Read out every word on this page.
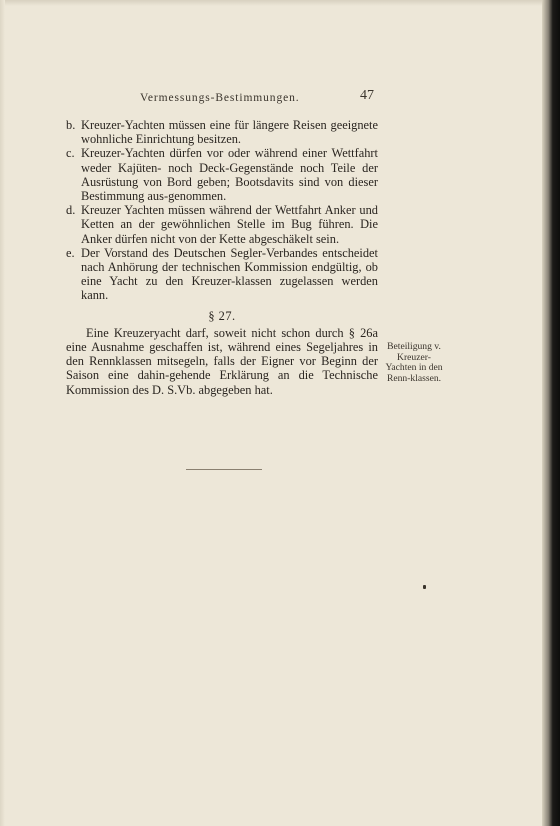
Vermessungs-Bestimmungen.	47

b. Kreuzer-Yachten müssen eine für längere Reisen geeignete wohnliche Einrichtung besitzen.

c. Kreuzer-Yachten dürfen vor oder während einer Wettfahrt weder Kajüten- noch Deck-Gegenstände noch Teile der Ausrüstung von Bord geben; Bootsdavits sind von dieser Bestimmung aus-genommen.

d. Kreuzer Yachten müssen während der Wettfahrt Anker und Ketten an der gewöhnlichen Stelle im Bug führen. Die Anker dürfen nicht von der Kette abgeschäkelt sein.

e. Der Vorstand des Deutschen Segler-Verbandes entscheidet nach Anhörung der technischen Kommission endgültig, ob eine Yacht zu den Kreuzer-klassen zugelassen werden kann.

§ 27.

Eine Kreuzeryacht darf, soweit nicht schon durch § 26a eine Ausnahme geschaffen ist, während eines Segeljahres in den Rennklassen mitsegeln, falls der Eigner vor Beginn der Saison eine dahin-gehende Erklärung an die Technische Kommission des D. S.Vb. abgegeben hat.

Beteiligung v. Kreuzer-Yachten in den Renn-klassen.
